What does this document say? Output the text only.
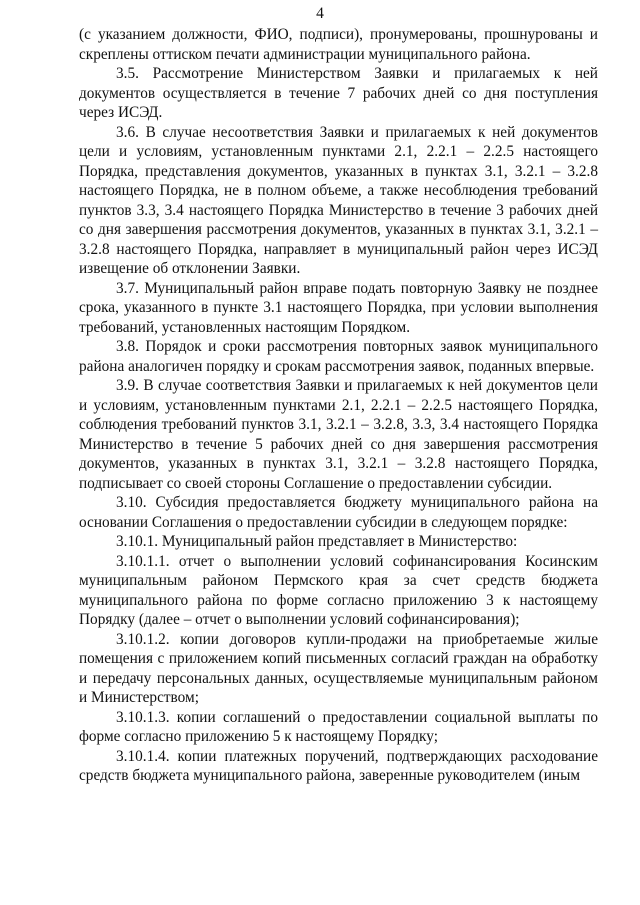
4

(с указанием должности, ФИО, подписи), пронумерованы, прошнурованы и скреплены оттиском печати администрации муниципального района.

3.5. Рассмотрение Министерством Заявки и прилагаемых к ней документов осуществляется в течение 7 рабочих дней со дня поступления через ИСЭД.

3.6. В случае несоответствия Заявки и прилагаемых к ней документов цели и условиям, установленным пунктами 2.1, 2.2.1 – 2.2.5 настоящего Порядка, представления документов, указанных в пунктах 3.1, 3.2.1 – 3.2.8 настоящего Порядка, не в полном объеме, а также несоблюдения требований пунктов 3.3, 3.4 настоящего Порядка Министерство в течение 3 рабочих дней со дня завершения рассмотрения документов, указанных в пунктах 3.1, 3.2.1 – 3.2.8 настоящего Порядка, направляет в муниципальный район через ИСЭД извещение об отклонении Заявки.

3.7. Муниципальный район вправе подать повторную Заявку не позднее срока, указанного в пункте 3.1 настоящего Порядка, при условии выполнения требований, установленных настоящим Порядком.

3.8. Порядок и сроки рассмотрения повторных заявок муниципального района аналогичен порядку и срокам рассмотрения заявок, поданных впервые.

3.9. В случае соответствия Заявки и прилагаемых к ней документов цели и условиям, установленным пунктами 2.1, 2.2.1 – 2.2.5 настоящего Порядка, соблюдения требований пунктов 3.1, 3.2.1 – 3.2.8, 3.3, 3.4 настоящего Порядка Министерство в течение 5 рабочих дней со дня завершения рассмотрения документов, указанных в пунктах 3.1, 3.2.1 – 3.2.8 настоящего Порядка, подписывает со своей стороны Соглашение о предоставлении субсидии.

3.10. Субсидия предоставляется бюджету муниципального района на основании Соглашения о предоставлении субсидии в следующем порядке:

3.10.1. Муниципальный район представляет в Министерство:

3.10.1.1. отчет о выполнении условий софинансирования Косинским муниципальным районом Пермского края за счет средств бюджета муниципального района по форме согласно приложению 3 к настоящему Порядку (далее – отчет о выполнении условий софинансирования);

3.10.1.2. копии договоров купли-продажи на приобретаемые жилые помещения с приложением копий письменных согласий граждан на обработку и передачу персональных данных, осуществляемые муниципальным районом и Министерством;

3.10.1.3. копии соглашений о предоставлении социальной выплаты по форме согласно приложению 5 к настоящему Порядку;

3.10.1.4. копии платежных поручений, подтверждающих расходование средств бюджета муниципального района, заверенные руководителем (иным
